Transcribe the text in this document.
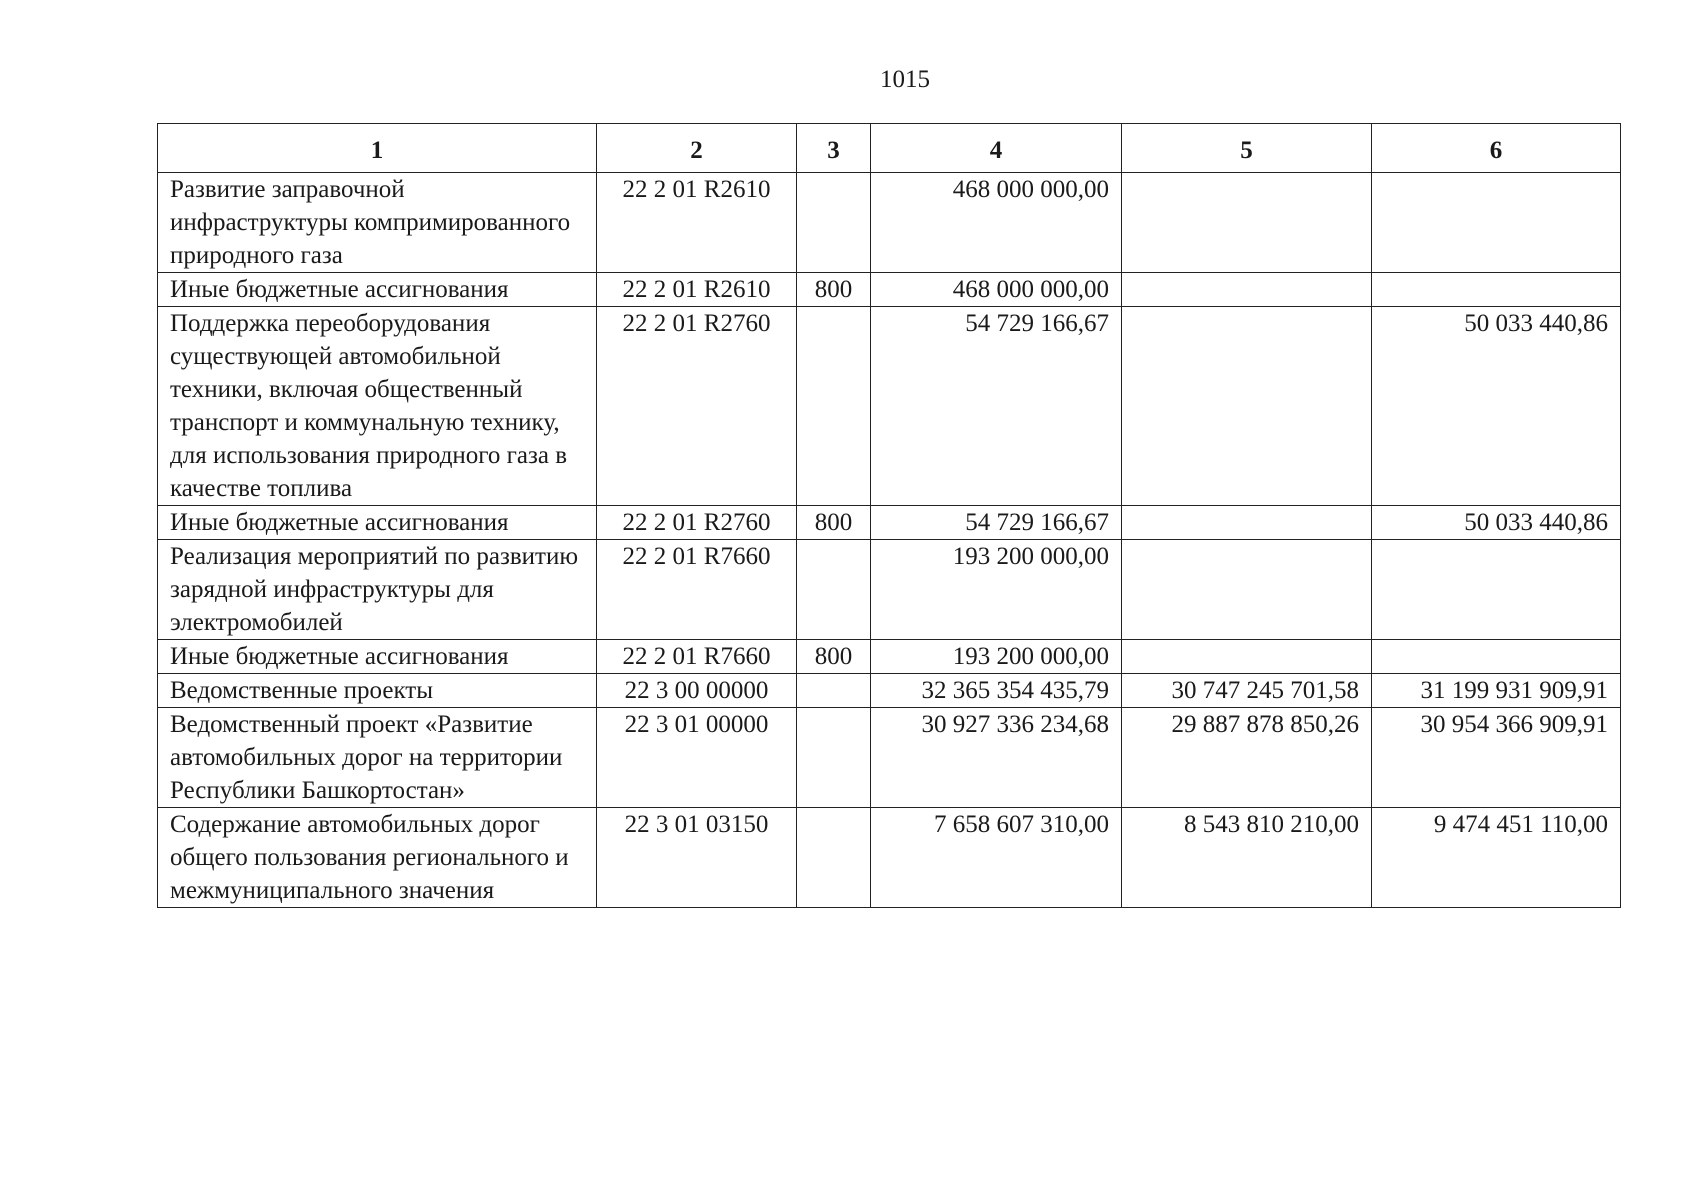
1015
1	2	3	4	5	6
Развитие заправочной инфраструктуры компримированного природного газа	22 2 01 R2610		468 000 000,00		
Иные бюджетные ассигнования	22 2 01 R2610	800	468 000 000,00		
Поддержка переоборудования существующей автомобильной техники, включая общественный транспорт и коммунальную технику, для использования природного газа в качестве топлива	22 2 01 R2760		54 729 166,67		50 033 440,86
Иные бюджетные ассигнования	22 2 01 R2760	800	54 729 166,67		50 033 440,86
Реализация мероприятий по развитию зарядной инфраструктуры для электромобилей	22 2 01 R7660		193 200 000,00		
Иные бюджетные ассигнования	22 2 01 R7660	800	193 200 000,00		
Ведомственные проекты	22 3 00 00000		32 365 354 435,79	30 747 245 701,58	31 199 931 909,91
Ведомственный проект «Развитие автомобильных дорог на территории Республики Башкортостан»	22 3 01 00000		30 927 336 234,68	29 887 878 850,26	30 954 366 909,91
Содержание автомобильных дорог общего пользования регионального и межмуниципального значения	22 3 01 03150		7 658 607 310,00	8 543 810 210,00	9 474 451 110,00
